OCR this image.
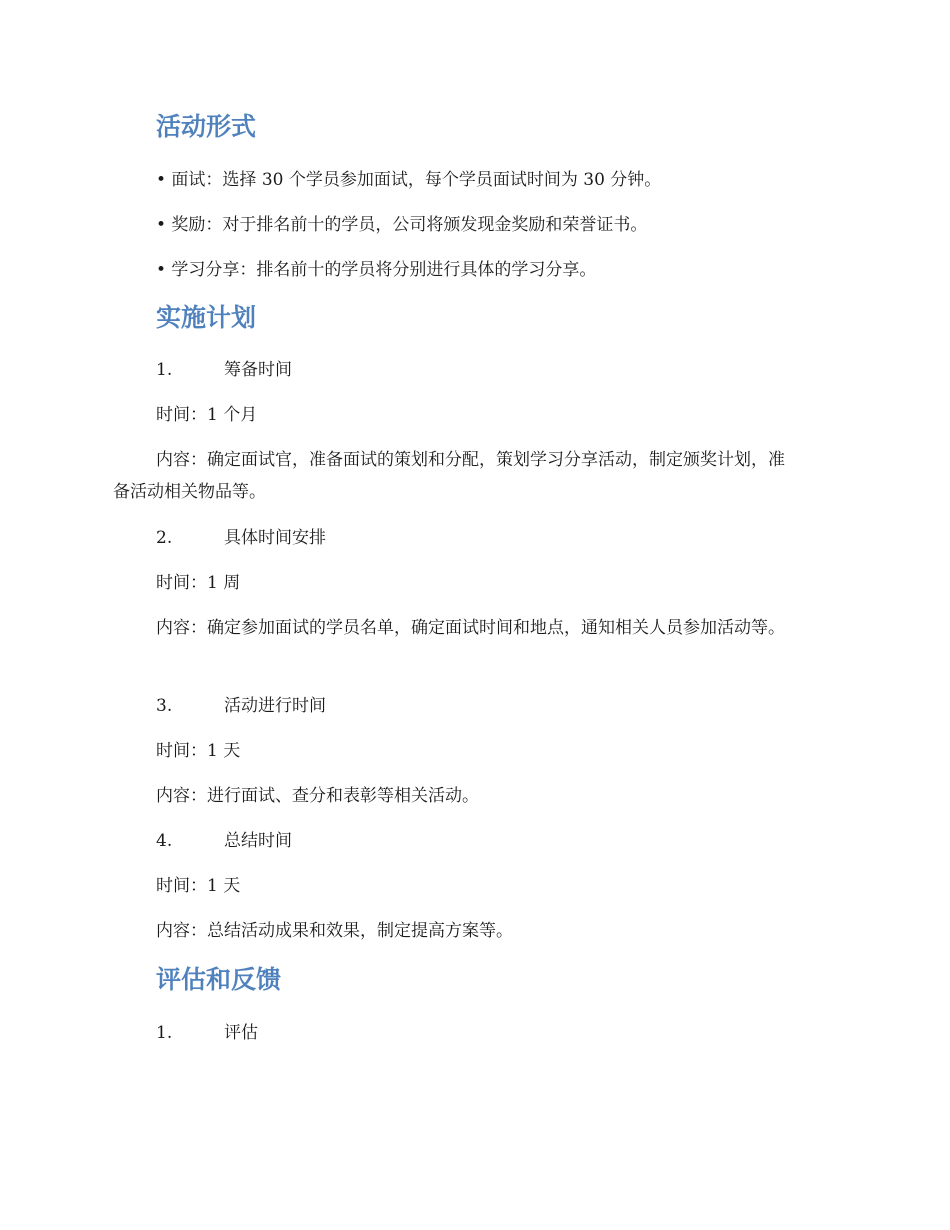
活动形式

• 面试：选择 30 个学员参加面试，每个学员面试时间为 30 分钟。

• 奖励：对于排名前十的学员，公司将颁发现金奖励和荣誉证书。

• 学习分享：排名前十的学员将分别进行具体的学习分享。

实施计划

1.	筹备时间

时间：1 个月

内容：确定面试官，准备面试的策划和分配，策划学习分享活动，制定颁奖计划，准备活动相关物品等。

2.	具体时间安排

时间：1 周

内容：确定参加面试的学员名单，确定面试时间和地点，通知相关人员参加活动等。

3.	活动进行时间

时间：1 天

内容：进行面试、查分和表彰等相关活动。

4.	总结时间

时间：1 天

内容：总结活动成果和效果，制定提高方案等。

评估和反馈

1.	评估
